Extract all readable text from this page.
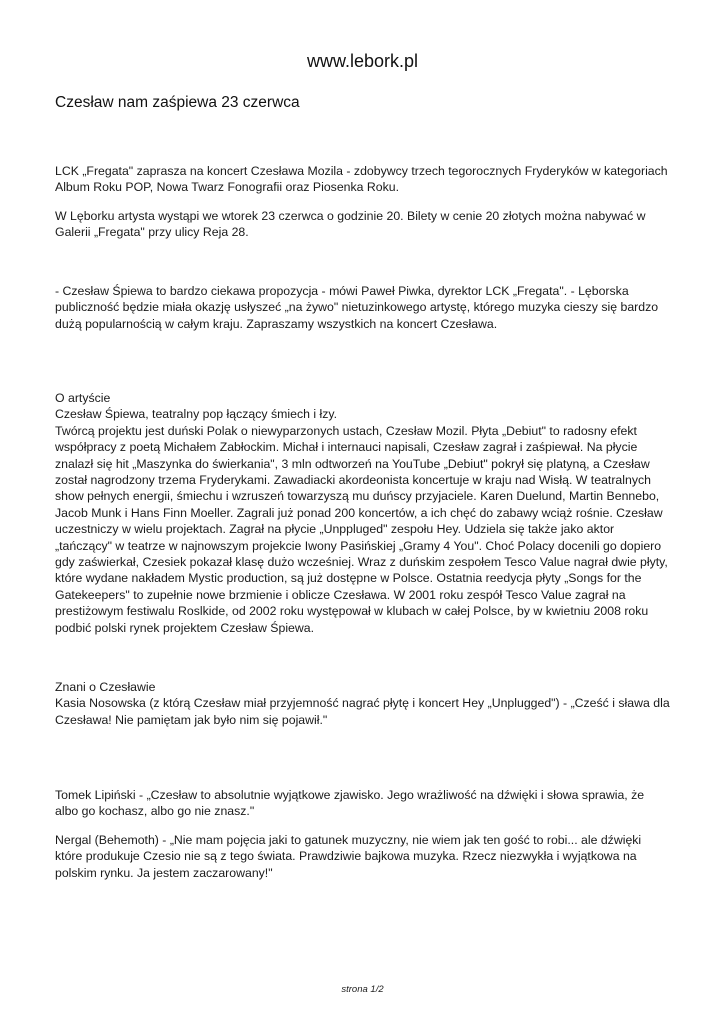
www.lebork.pl
Czesław nam zaśpiewa 23 czerwca

LCK „Fregata" zaprasza na koncert Czesława Mozila - zdobywcy trzech tegorocznych Fryderyków w kategoriach Album Roku POP, Nowa Twarz Fonografii oraz Piosenka Roku.

W Lęborku artysta wystąpi we wtorek 23 czerwca o godzinie 20. Bilety w cenie 20 złotych można nabywać w Galerii „Fregata" przy ulicy Reja 28.

- Czesław Śpiewa to bardzo ciekawa propozycja - mówi Paweł Piwka, dyrektor LCK „Fregata". - Lęborska publiczność będzie miała okazję usłyszeć „na żywo" nietuzinkowego artystę, którego muzyka cieszy się bardzo dużą popularnością w całym kraju. Zapraszamy wszystkich na koncert Czesława.

O artyście
Czesław Śpiewa, teatralny pop łączący śmiech i łzy.
Twórcą projektu jest duński Polak o niewyparzonych ustach, Czesław Mozil. Płyta „Debiut" to radosny efekt współpracy z poetą Michałem Zabłockim. Michał i internauci napisali, Czesław zagrał i zaśpiewał. Na płycie znalazł się hit „Maszynka do świerkania", 3 mln odtworzeń na YouTube „Debiut" pokrył się platyną, a Czesław został nagrodzony trzema Fryderykami. Zawadiacki akordeonista koncertuje w kraju nad Wisłą. W teatralnych show pełnych energii, śmiechu i wzruszeń towarzyszą mu duńscy przyjaciele. Karen Duelund, Martin Bennebo, Jacob Munk i Hans Finn Moeller. Zagrali już ponad 200 koncertów, a ich chęć do zabawy wciąż rośnie. Czesław uczestniczy w wielu projektach. Zagrał na płycie „Unppluged" zespołu Hey. Udziela się także jako aktor „tańczący" w teatrze w najnowszym projekcie Iwony Pasińskiej „Gramy 4 You". Choć Polacy docenili go dopiero gdy zaświerkał, Czesiek pokazał klasę dużo wcześniej. Wraz z duńskim zespołem Tesco Value nagrał dwie płyty, które wydane nakładem Mystic production, są już dostępne w Polsce. Ostatnia reedycja płyty „Songs for the Gatekeepers" to zupełnie nowe brzmienie i oblicze Czesława. W 2001 roku zespół Tesco Value zagrał na prestiżowym festiwalu Roslkide, od 2002 roku występował w klubach w całej Polsce, by w kwietniu 2008 roku podbić polski rynek projektem Czesław Śpiewa.
Znani o Czesławie
Kasia Nosowska (z którą Czesław miał przyjemność nagrać płytę i koncert Hey „Unplugged") - „Cześć i sława dla Czesława! Nie pamiętam jak było nim się pojawił."

Tomek Lipiński - „Czesław to absolutnie wyjątkowe zjawisko. Jego wrażliwość na dźwięki i słowa sprawia, że albo go kochasz, albo go nie znasz."

Nergal (Behemoth) - „Nie mam pojęcia jaki to gatunek muzyczny, nie wiem jak ten gość to robi... ale dźwięki które produkuje Czesio nie są z tego świata. Prawdziwie bajkowa muzyka. Rzecz niezwykła i wyjątkowa na polskim rynku. Ja jestem zaczarowany!"

strona 1/2
